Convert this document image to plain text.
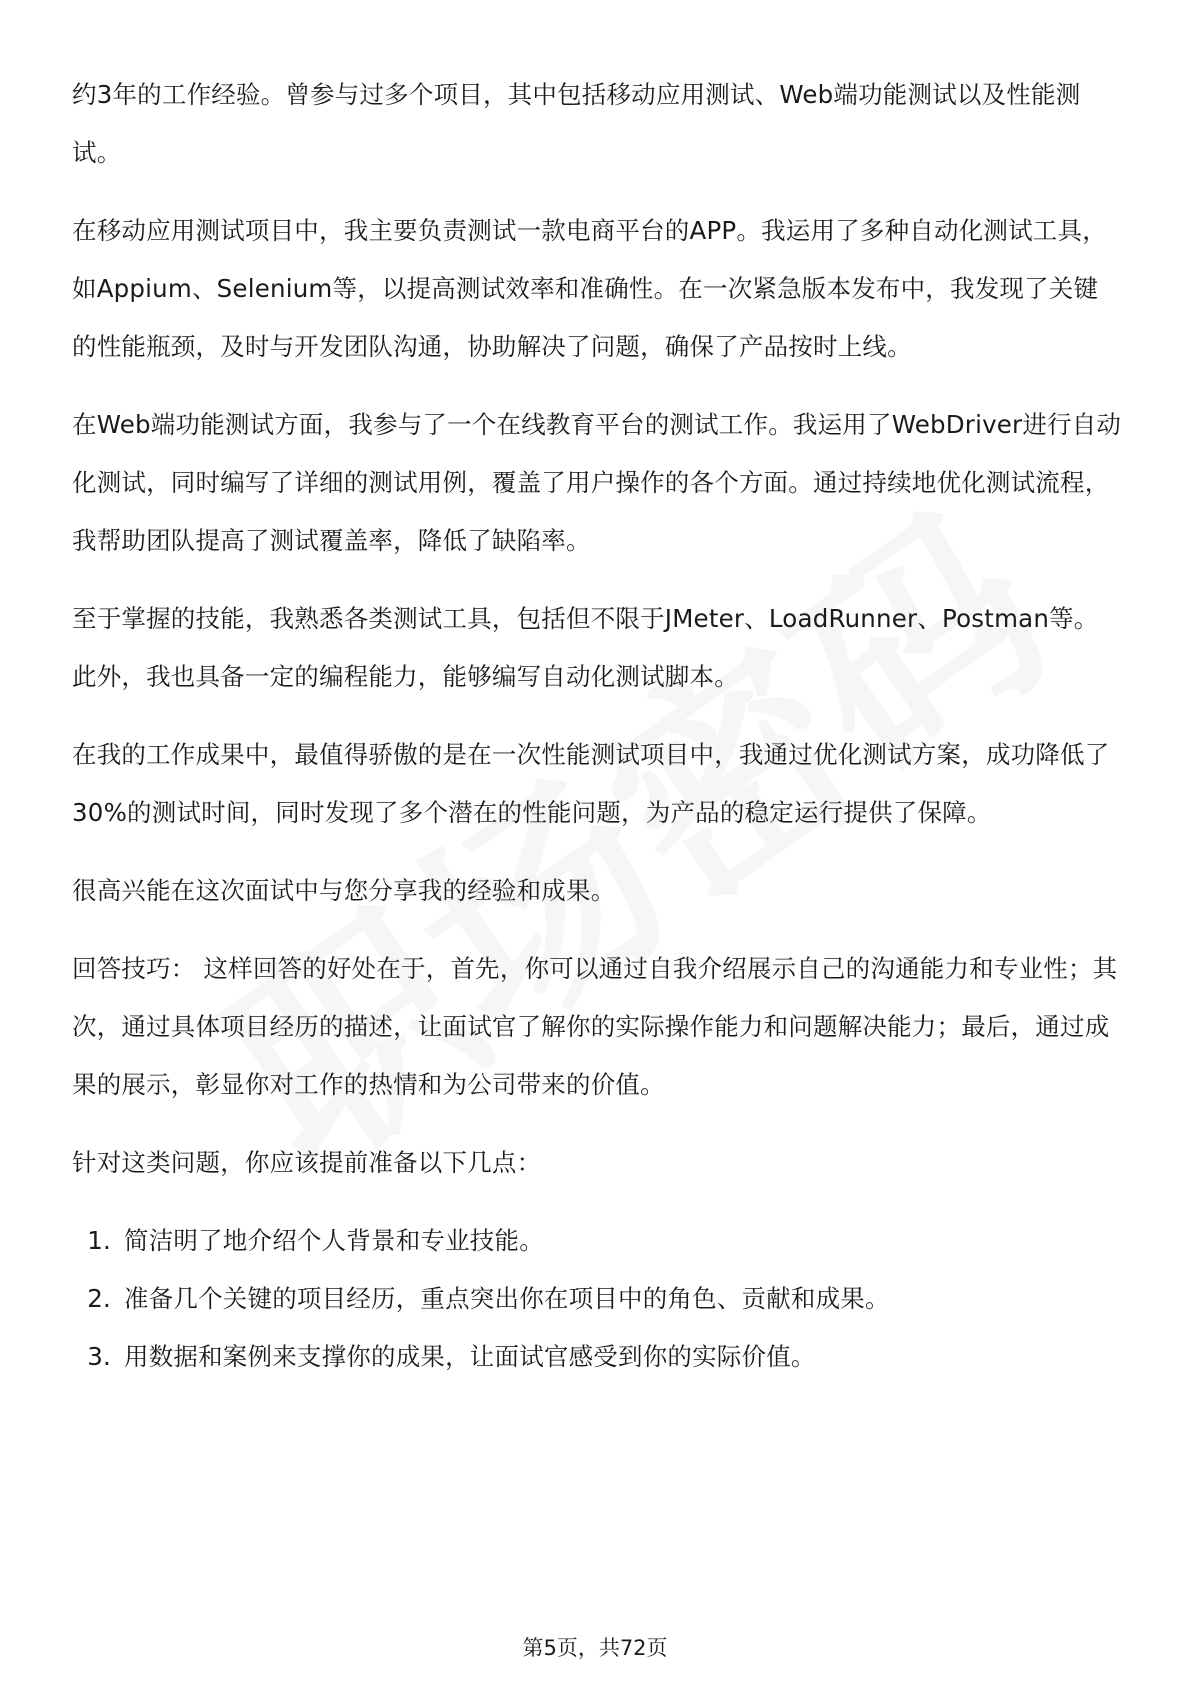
约3年的工作经验。曾参与过多个项目，其中包括移动应用测试、Web端功能测试以及性能测试。

在移动应用测试项目中，我主要负责测试一款电商平台的APP。我运用了多种自动化测试工具，如Appium、Selenium等，以提高测试效率和准确性。在一次紧急版本发布中，我发现了关键的性能瓶颈，及时与开发团队沟通，协助解决了问题，确保了产品按时上线。

在Web端功能测试方面，我参与了一个在线教育平台的测试工作。我运用了WebDriver进行自动化测试，同时编写了详细的测试用例，覆盖了用户操作的各个方面。通过持续地优化测试流程，我帮助团队提高了测试覆盖率，降低了缺陷率。

至于掌握的技能，我熟悉各类测试工具，包括但不限于JMeter、LoadRunner、Postman等。此外，我也具备一定的编程能力，能够编写自动化测试脚本。

在我的工作成果中，最值得骄傲的是在一次性能测试项目中，我通过优化测试方案，成功降低了30%的测试时间，同时发现了多个潜在的性能问题，为产品的稳定运行提供了保障。

很高兴能在这次面试中与您分享我的经验和成果。

回答技巧： 这样回答的好处在于，首先，你可以通过自我介绍展示自己的沟通能力和专业性；其次，通过具体项目经历的描述，让面试官了解你的实际操作能力和问题解决能力；最后，通过成果的展示，彰显你对工作的热情和为公司带来的价值。

针对这类问题，你应该提前准备以下几点：

1. 简洁明了地介绍个人背景和专业技能。
2. 准备几个关键的项目经历，重点突出你在项目中的角色、贡献和成果。
3. 用数据和案例来支撑你的成果，让面试官感受到你的实际价值。
第5页，共72页
